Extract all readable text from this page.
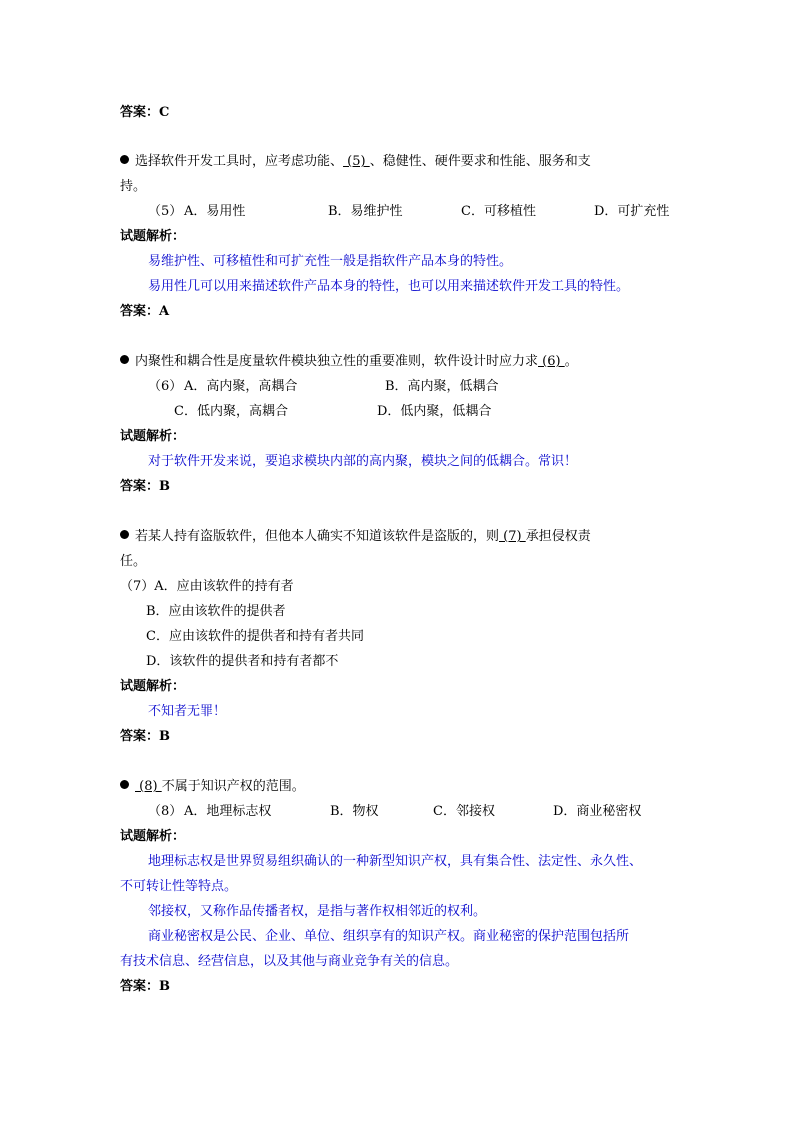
答案：C
选择软件开发工具时，应考虑功能、 (5) 、稳健性、硬件要求和性能、服务和支
持。
（5） A．易用性	B．易维护性	C．可移植性	D．可扩充性
试题解析：
易维护性、可移植性和可扩充性一般是指软件产品本身的特性。
易用性几可以用来描述软件产品本身的特性，也可以用来描述软件开发工具的特性。
答案：A
内聚性和耦合性是度量软件模块独立性的重要准则，软件设计时应力求 (6) 。
（6） A．高内聚，高耦合	B．高内聚，低耦合
C．低内聚，高耦合	D．低内聚，低耦合
试题解析：
对于软件开发来说，要追求模块内部的高内聚，模块之间的低耦合。常识！
答案：B
若某人持有盗版软件，但他本人确实不知道该软件是盗版的，则 (7) 承担侵权责
任。
（7）A．应由该软件的持有者
B．应由该软件的提供者
C．应由该软件的提供者和持有者共同
D．该软件的提供者和持有者都不
试题解析：
不知者无罪！
答案：B
(8) 不属于知识产权的范围。
（8） A．地理标志权	B．物权	C．邻接权	D．商业秘密权
试题解析：
地理标志权是世界贸易组织确认的一种新型知识产权，具有集合性、法定性、永久性、
不可转让性等特点。
邻接权，又称作品传播者权，是指与著作权相邻近的权利。
商业秘密权是公民、企业、单位、组织享有的知识产权。商业秘密的保护范围包括所
有技术信息、经营信息，以及其他与商业竞争有关的信息。
答案：B
